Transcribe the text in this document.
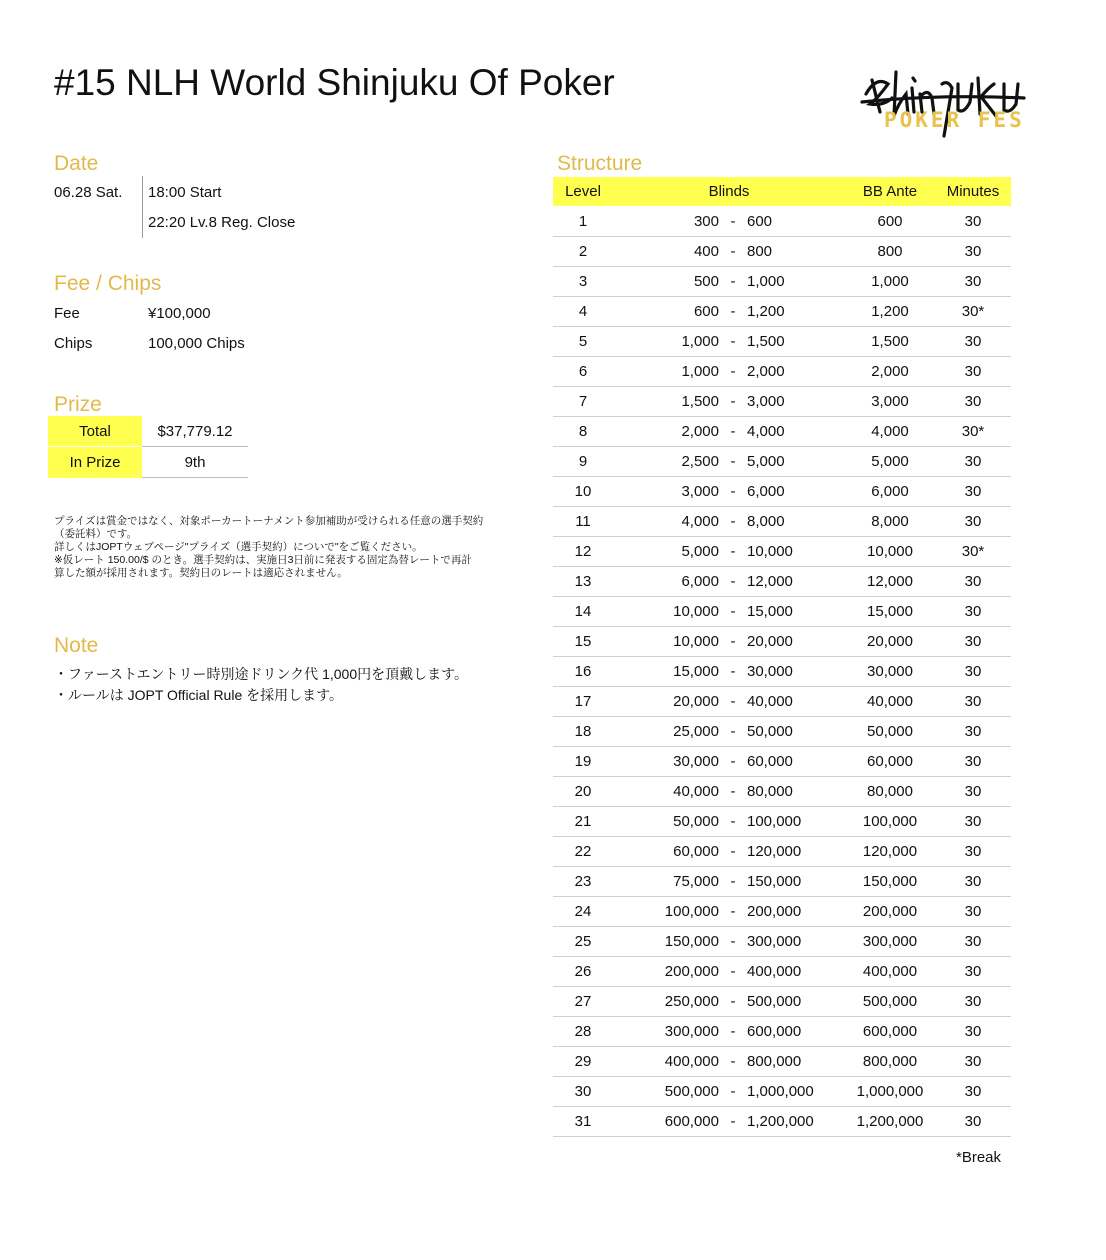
#15 NLH World Shinjuku Of Poker
POKER FES
Date
06.28 Sat. 18:00 Start
22:20 Lv.8 Reg. Close
Fee / Chips
Fee	¥100,000
Chips	100,000 Chips
Prize
Total	$37,779.12
In Prize	9th
プライズは賞金ではなく、対象ポーカートーナメント参加補助が受けられる任意の選手契約
（委託料）です。
詳しくはJOPTウェブページ"プライズ（選手契約）についで"をご覧ください。
※仮レート 150.00/$ のとき。選手契約は、実施日3日前に発表する固定為替レートで再計
算した額が採用されます。契約日のレートは適応されません。
Note
・ファーストエントリー時別途ドリンク代 1,000円を頂戴します。
・ルールは JOPT Official Rule を採用します。
Structure
Level	Blinds			BB Ante	Minutes
1	300	-	600	600	30
2	400	-	800	800	30
3	500	-	1,000	1,000	30
4	600	-	1,200	1,200	30*
5	1,000	-	1,500	1,500	30
6	1,000	-	2,000	2,000	30
7	1,500	-	3,000	3,000	30
8	2,000	-	4,000	4,000	30*
9	2,500	-	5,000	5,000	30
10	3,000	-	6,000	6,000	30
11	4,000	-	8,000	8,000	30
12	5,000	-	10,000	10,000	30*
13	6,000	-	12,000	12,000	30
14	10,000	-	15,000	15,000	30
15	10,000	-	20,000	20,000	30
16	15,000	-	30,000	30,000	30
17	20,000	-	40,000	40,000	30
18	25,000	-	50,000	50,000	30
19	30,000	-	60,000	60,000	30
20	40,000	-	80,000	80,000	30
21	50,000	-	100,000	100,000	30
22	60,000	-	120,000	120,000	30
23	75,000	-	150,000	150,000	30
24	100,000	-	200,000	200,000	30
25	150,000	-	300,000	300,000	30
26	200,000	-	400,000	400,000	30
27	250,000	-	500,000	500,000	30
28	300,000	-	600,000	600,000	30
29	400,000	-	800,000	800,000	30
30	500,000	-	1,000,000	1,000,000	30
31	600,000	-	1,200,000	1,200,000	30
*Break
